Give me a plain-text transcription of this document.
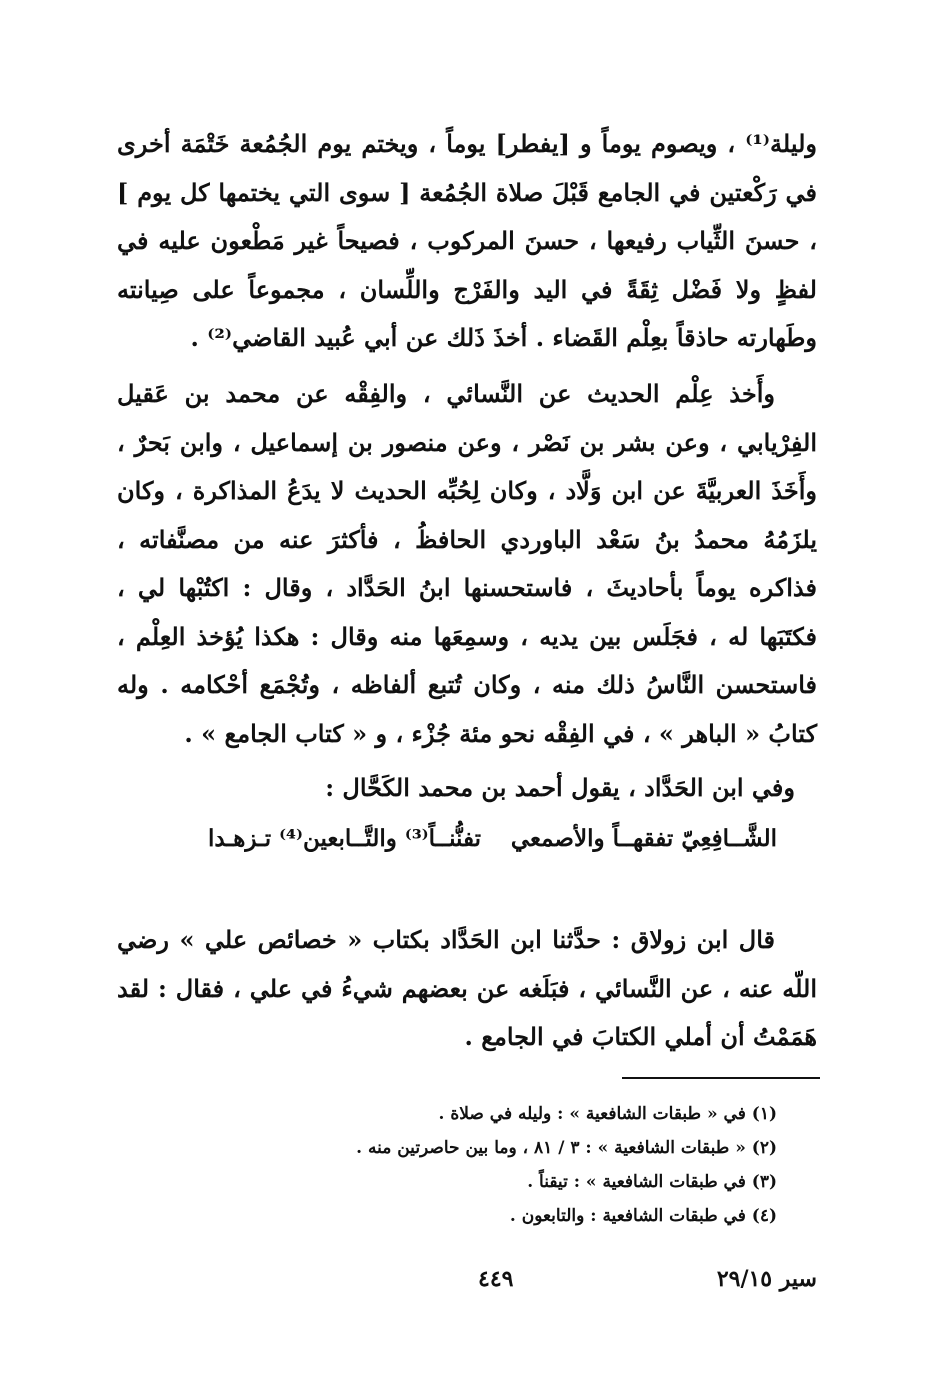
وليلة⁽¹⁾ ، ويصوم يوماً و [يفطر] يوماً ، ويختم يوم الجُمُعة خَتْمَة أخرى في رَكْعتين في الجامع قَبْلَ صلاة الجُمُعة [ سوى التي يختمها كل يوم ] ، حسنَ الثِّياب رفيعها ، حسنَ المركوب ، فصيحاً غير مَطْعون عليه في لفظٍ ولا فَضْل ثِقَةً في اليد والفَرْج واللِّسان ، مجموعاً على صِيانته وطَهارته حاذقاً بعِلْم القَضاء . أخذَ ذَلك عن أبي عُبيد القاضي⁽²⁾ .

وأَخذ عِلْم الحديث عن النَّسائي ، والفِقْه عن محمد بن عَقيل الفِرْيابي ، وعن بشر بن نَصْر ، وعن منصور بن إسماعيل ، وابن بَحرٌ ، وأَخَذَ العربيَّةَ عن ابن وَلَّاد ، وكان لِحُبِّه الحديث لا يدَعُ المذاكرة ، وكان يلزَمُهُ محمدُ بنُ سَعْد الباوردي الحافظُ ، فأكثرَ عنه من مصنَّفاته ، فذاكره يوماً بأحاديثَ ، فاستحسنها ابنُ الحَدَّاد ، وقال : اكتُبْها لي ، فكتَبَها له ، فجَلَس بين يديه ، وسمِعَها منه وقال : هكذا يُؤخذ العِلْم ، فاستحسن النَّاسُ ذلك منه ، وكان تُتبع ألفاظه ، وتُجْمَع أحْكامه . وله كتابُ « الباهر » ، في الفِقْه نحو مئة جُزْء ، و « كتاب الجامع » .

وفي ابن الحَدَّاد ، يقول أحمد بن محمد الكَحَّال :
الشَّــافِعِيّ تفقهــاً والأصمعي
تفنُّنــاً⁽³⁾ والتَّــابعين⁽⁴⁾ تـزهـدا

قال ابن زولاق : حدَّثنا ابن الحَدَّاد بكتاب « خصائص علي » رضي اللّه عنه ، عن النَّسائي ، فبَلَغه عن بعضهم شيءُ في علي ، فقال : لقد هَمَمْتُ أن أملي الكتابَ في الجامع .

(١) في « طبقات الشافعية » : وليله في صلاة .
(٢) « طبقات الشافعية » : ٣ / ٨١ ، وما بين حاصرتين منه .
(٣) في طبقات الشافعية » : تيقناً .
(٤) في طبقات الشافعية : والتابعون .
٤٤٩	سير ٢٩/١٥
